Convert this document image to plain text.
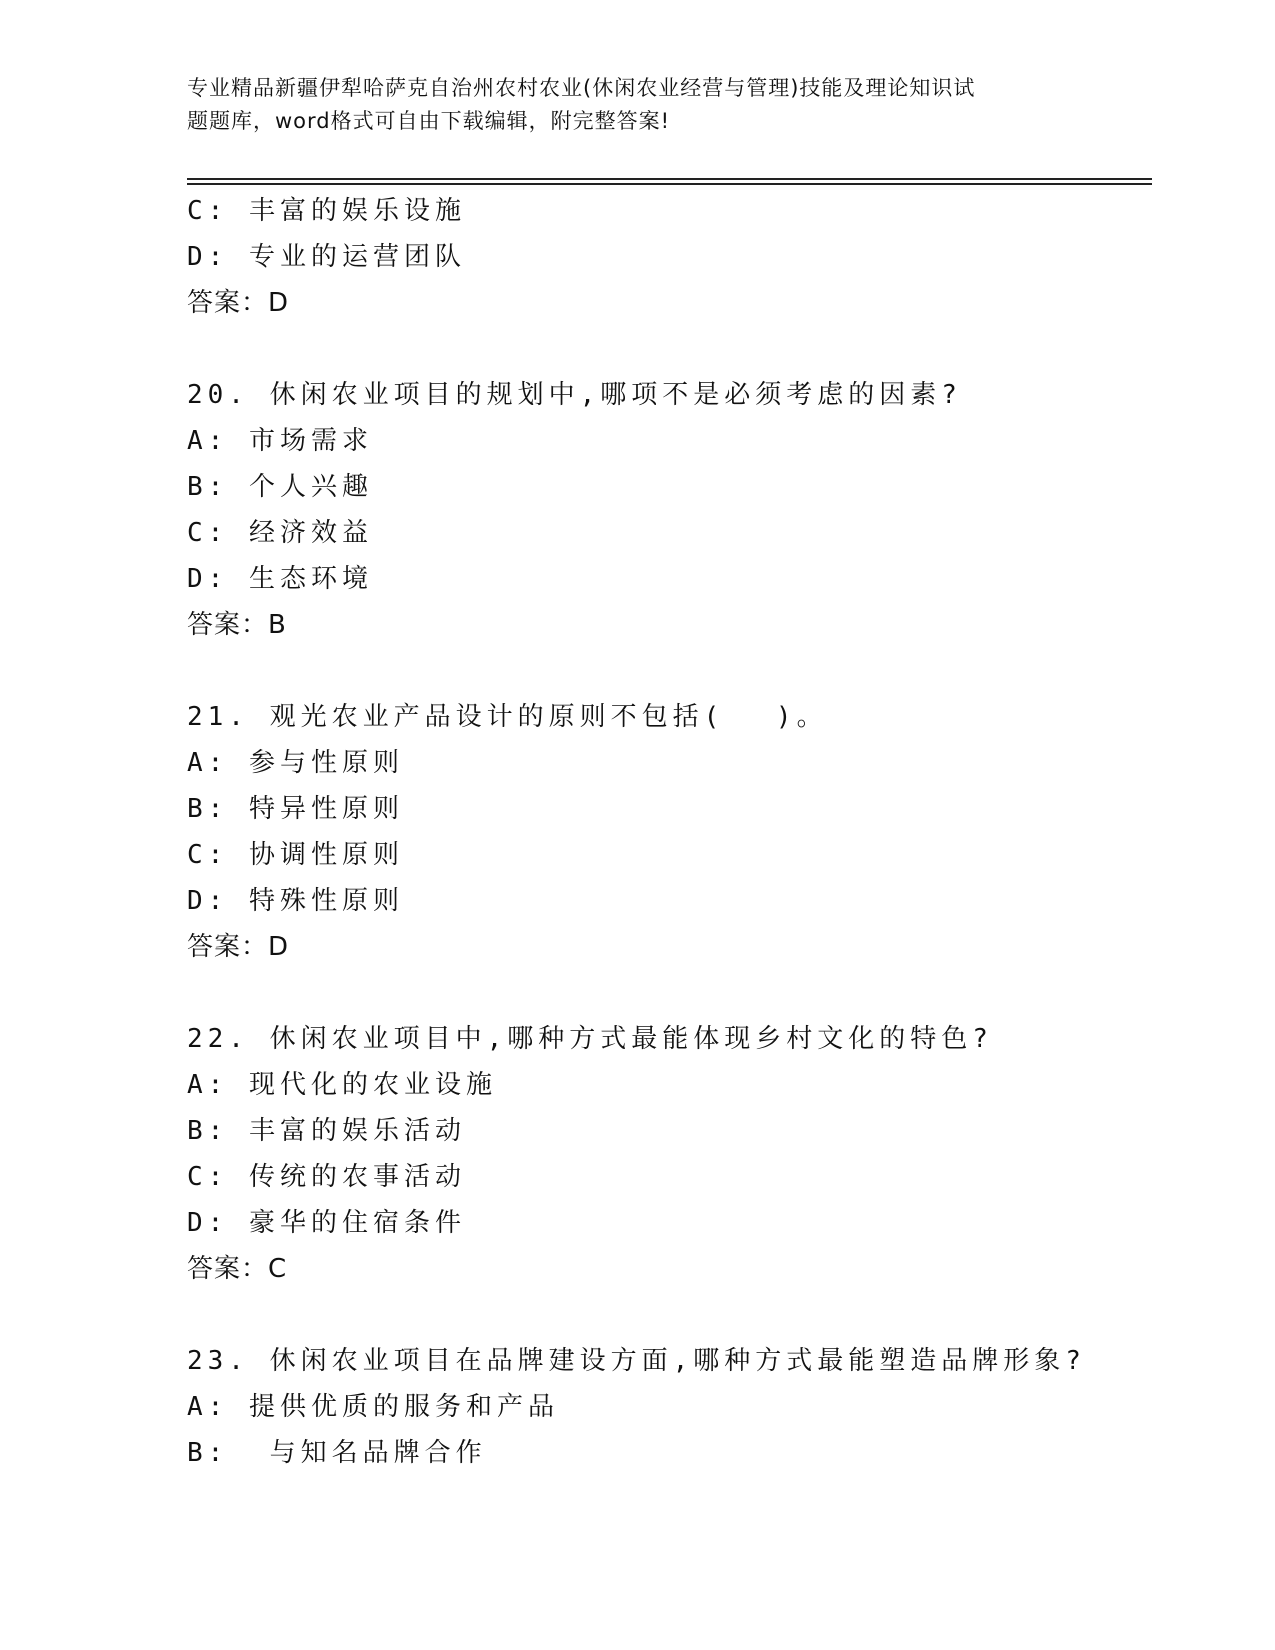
专业精品新疆伊犁哈萨克自治州农村农业(休闲农业经营与管理)技能及理论知识试
题题库，word格式可自由下载编辑，附完整答案!
C: 丰富的娱乐设施
D: 专业的运营团队
答案：D
20. 休闲农业项目的规划中,哪项不是必须考虑的因素?
A: 市场需求
B: 个人兴趣
C: 经济效益
D: 生态环境
答案：B
21. 观光农业产品设计的原则不包括(　 )。
A: 参与性原则
B: 特异性原则
C: 协调性原则
D: 特殊性原则
答案：D
22. 休闲农业项目中,哪种方式最能体现乡村文化的特色?
A: 现代化的农业设施
B: 丰富的娱乐活动
C: 传统的农事活动
D: 豪华的住宿条件
答案：C
23. 休闲农业项目在品牌建设方面,哪种方式最能塑造品牌形象?
A: 提供优质的服务和产品
B:  与知名品牌合作
